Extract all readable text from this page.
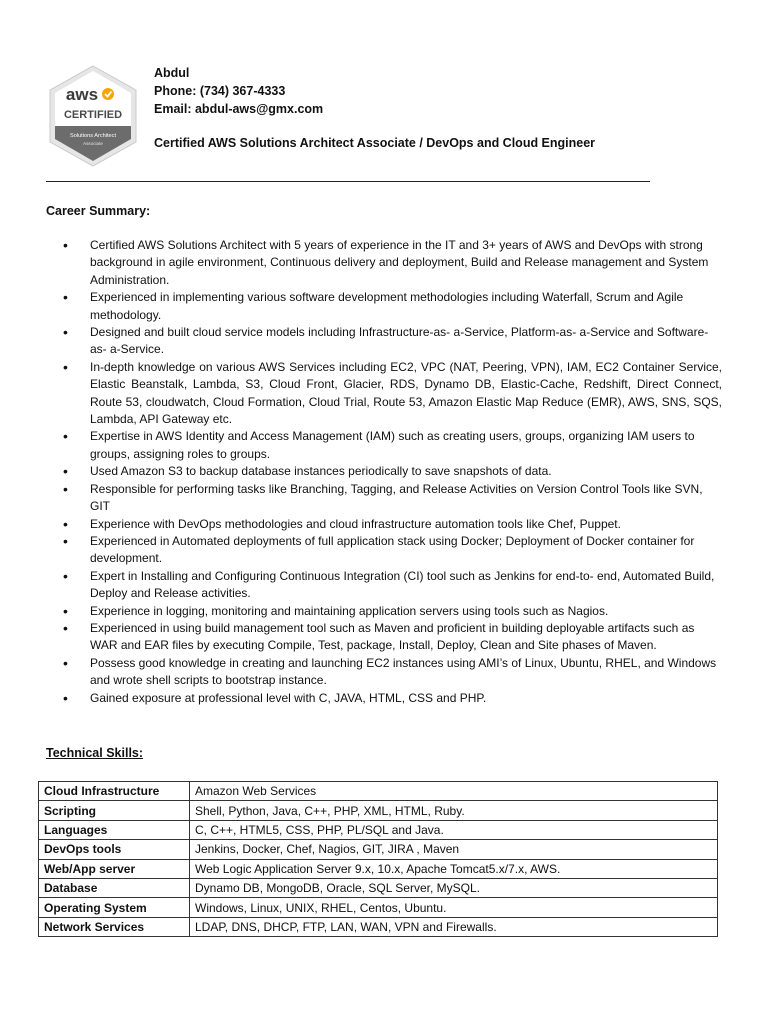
aws
CERTIFIED
Solutions Architect
Associate
Abdul
Phone: (734) 367-4333
Email: abdul-aws@gmx.com
Certified AWS Solutions Architect Associate / DevOps and Cloud Engineer
Career Summary:
• Certified AWS Solutions Architect with 5 years of experience in the IT and 3+ years of AWS and DevOps with strong background in agile environment, Continuous delivery and deployment, Build and Release management and System Administration.
• Experienced in implementing various software development methodologies including Waterfall, Scrum and Agile methodology.
• Designed and built cloud service models including Infrastructure-as- a-Service, Platform-as- a-Service and Software-as- a-Service.
• In-depth knowledge on various AWS Services including EC2, VPC (NAT, Peering, VPN), IAM, EC2 Container Service, Elastic Beanstalk, Lambda, S3, Cloud Front, Glacier, RDS, Dynamo DB, Elastic-Cache, Redshift, Direct Connect, Route 53, cloudwatch, Cloud Formation, Cloud Trial, Route 53, Amazon Elastic Map Reduce (EMR), AWS, SNS, SQS, Lambda, API Gateway etc.
• Expertise in AWS Identity and Access Management (IAM) such as creating users, groups, organizing IAM users to groups, assigning roles to groups.
• Used Amazon S3 to backup database instances periodically to save snapshots of data.
• Responsible for performing tasks like Branching, Tagging, and Release Activities on Version Control Tools like SVN, GIT
• Experience with DevOps methodologies and cloud infrastructure automation tools like Chef, Puppet.
• Experienced in Automated deployments of full application stack using Docker; Deployment of Docker container for development.
• Expert in Installing and Configuring Continuous Integration (CI) tool such as Jenkins for end-to- end, Automated Build, Deploy and Release activities.
• Experience in logging, monitoring and maintaining application servers using tools such as Nagios.
• Experienced in using build management tool such as Maven and proficient in building deployable artifacts such as WAR and EAR files by executing Compile, Test, package, Install, Deploy, Clean and Site phases of Maven.
• Possess good knowledge in creating and launching EC2 instances using AMI’s of Linux, Ubuntu, RHEL, and Windows and wrote shell scripts to bootstrap instance.
• Gained exposure at professional level with C, JAVA, HTML, CSS and PHP.
Technical Skills:
Cloud Infrastructure	Amazon Web Services
Scripting	Shell, Python, Java, C++, PHP, XML, HTML, Ruby.
Languages	C, C++, HTML5, CSS, PHP, PL/SQL and Java.
DevOps tools	Jenkins, Docker, Chef, Nagios, GIT, JIRA , Maven
Web/App server	Web Logic Application Server 9.x, 10.x, Apache Tomcat5.x/7.x, AWS.
Database	Dynamo DB, MongoDB, Oracle, SQL Server, MySQL.
Operating System	Windows, Linux, UNIX, RHEL, Centos, Ubuntu.
Network Services	LDAP, DNS, DHCP, FTP, LAN, WAN, VPN and Firewalls.
